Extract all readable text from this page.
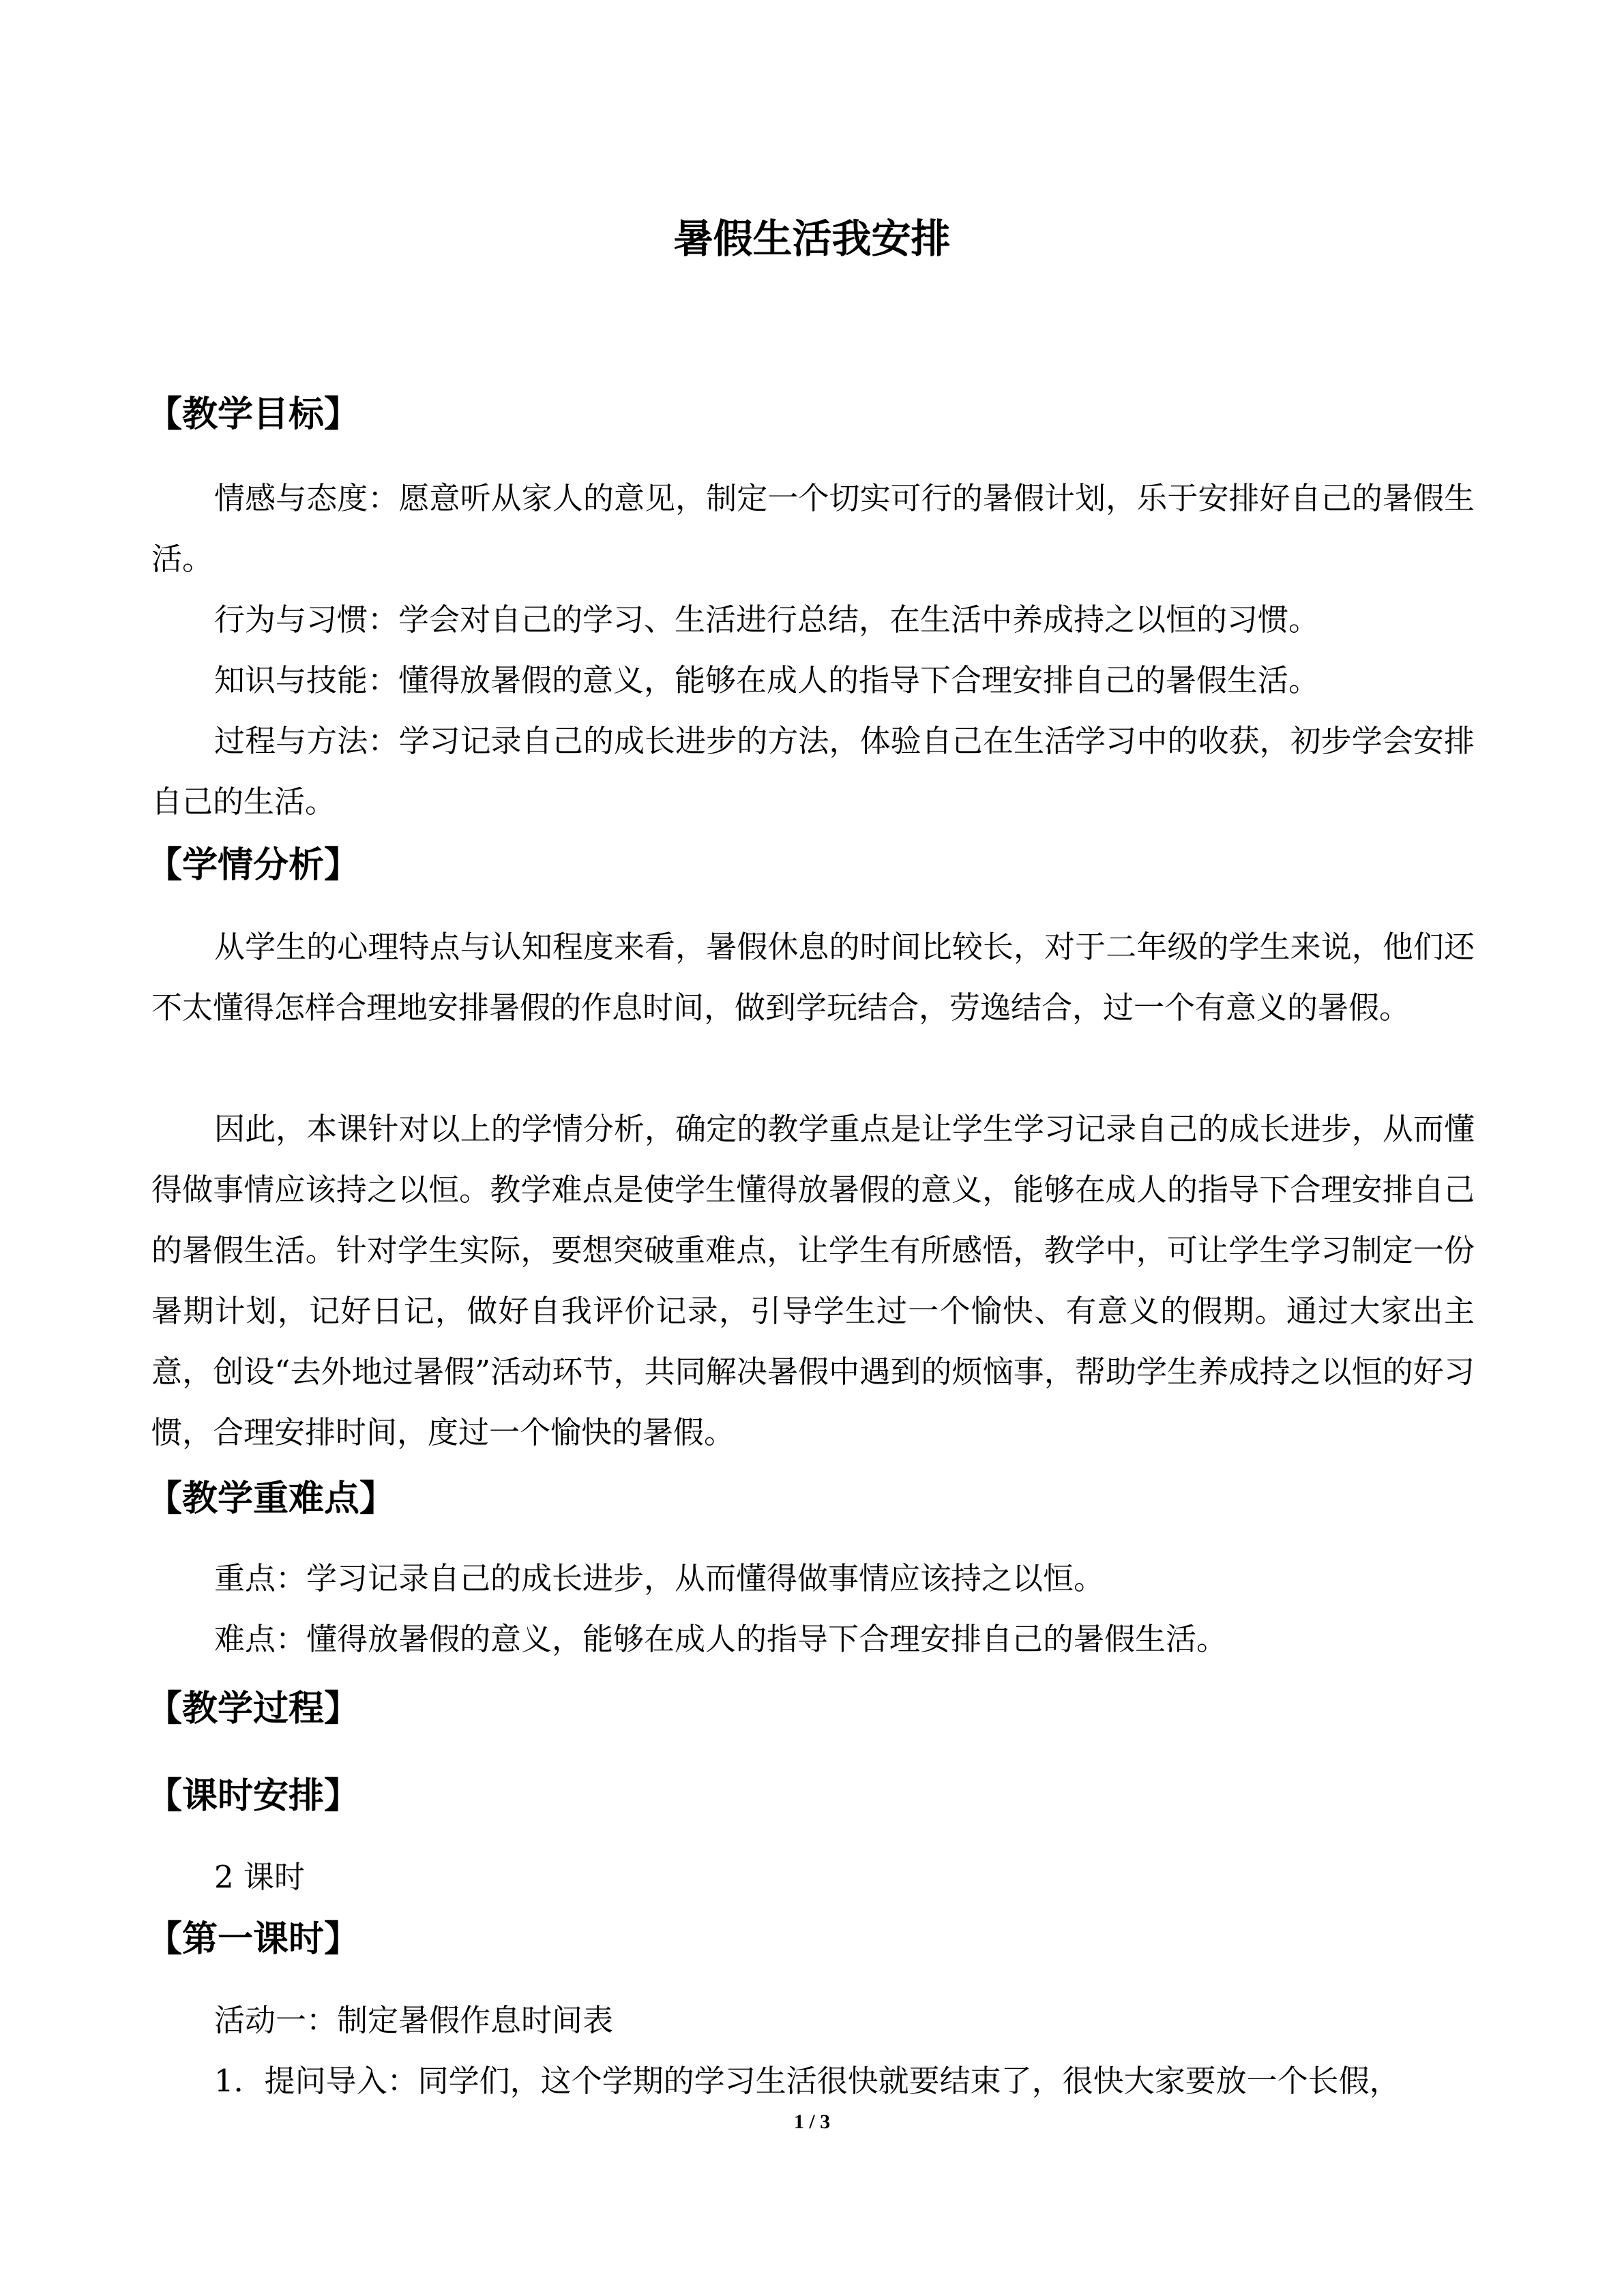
暑假生活我安排
【教学目标】
情感与态度：愿意听从家人的意见，制定一个切实可行的暑假计划，乐于安排好自己的暑假生活。
行为与习惯：学会对自己的学习、生活进行总结，在生活中养成持之以恒的习惯。
知识与技能：懂得放暑假的意义，能够在成人的指导下合理安排自己的暑假生活。
过程与方法：学习记录自己的成长进步的方法，体验自己在生活学习中的收获，初步学会安排自己的生活。
【学情分析】
从学生的心理特点与认知程度来看，暑假休息的时间比较长，对于二年级的学生来说，他们还不太懂得怎样合理地安排暑假的作息时间，做到学玩结合，劳逸结合，过一个有意义的暑假。
因此，本课针对以上的学情分析，确定的教学重点是让学生学习记录自己的成长进步，从而懂得做事情应该持之以恒。教学难点是使学生懂得放暑假的意义，能够在成人的指导下合理安排自己的暑假生活。针对学生实际，要想突破重难点，让学生有所感悟，教学中，可让学生学习制定一份暑期计划，记好日记，做好自我评价记录，引导学生过一个愉快、有意义的假期。通过大家出主意，创设“去外地过暑假”活动环节，共同解决暑假中遇到的烦恼事，帮助学生养成持之以恒的好习惯，合理安排时间，度过一个愉快的暑假。
【教学重难点】
重点：学习记录自己的成长进步，从而懂得做事情应该持之以恒。
难点：懂得放暑假的意义，能够在成人的指导下合理安排自己的暑假生活。
【教学过程】
【课时安排】
2 课时
【第一课时】
活动一：制定暑假作息时间表
1．提问导入：同学们，这个学期的学习生活很快就要结束了，很快大家要放一个长假，
1 / 3
